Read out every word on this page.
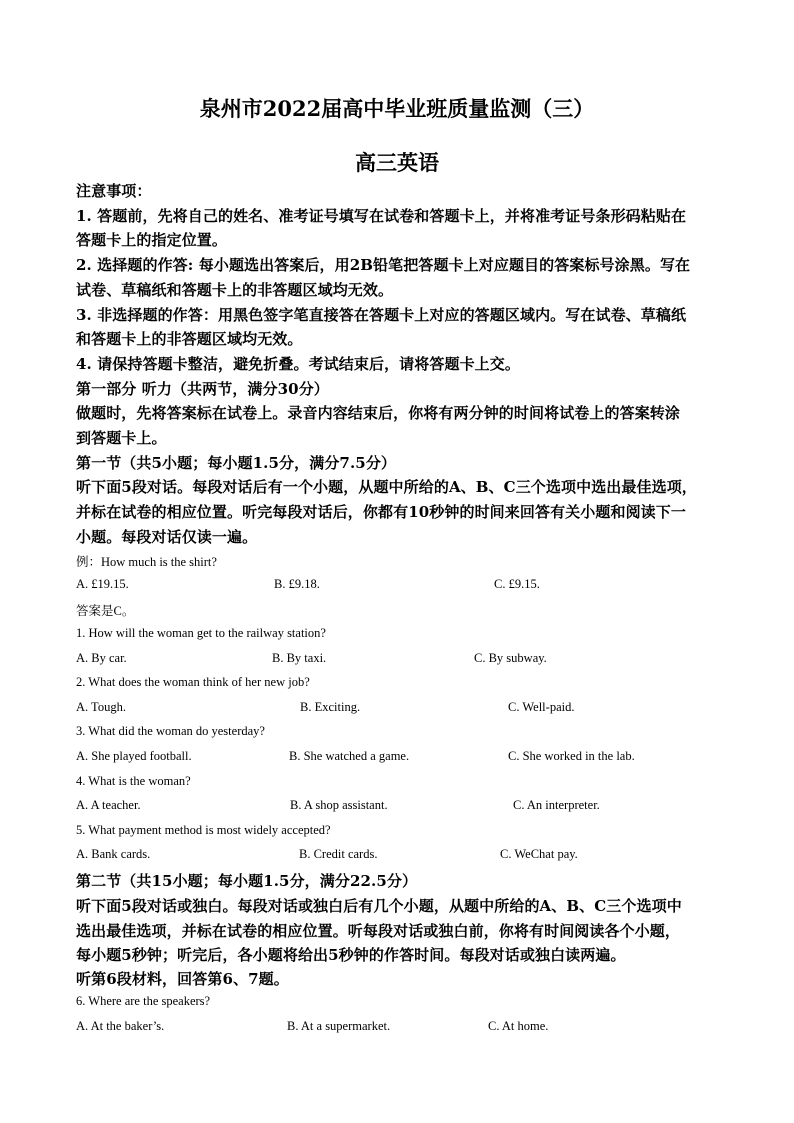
泉州市2022届高中毕业班质量监测（三）
高三英语
注意事项：
1. 答题前，先将自己的姓名、准考证号填写在试卷和答题卡上，并将准考证号条形码粘贴在
答题卡上的指定位置。
2. 选择题的作答: 每小题选出答案后，用2B铅笔把答题卡上对应题目的答案标号涂黑。写在
试卷、草稿纸和答题卡上的非答题区域均无效。
3. 非选择题的作答：用黑色签字笔直接答在答题卡上对应的答题区域内。写在试卷、草稿纸
和答题卡上的非答题区域均无效。
4. 请保持答题卡整洁，避免折叠。考试结束后，请将答题卡上交。
第一部分 听力（共两节，满分30分）
做题时，先将答案标在试卷上。录音内容结束后，你将有两分钟的时间将试卷上的答案转涂
到答题卡上。
第一节（共5小题；每小题1.5分，满分7.5分）
听下面5段对话。每段对话后有一个小题，从题中所给的A、B、C三个选项中选出最佳选项，
并标在试卷的相应位置。听完每段对话后，你都有10秒钟的时间来回答有关小题和阅读下一
小题。每段对话仅读一遍。
例：How much is the shirt?
A. £19.15.	B. £9.18.	C. £9.15.
答案是C。
1. How will the woman get to the railway station?
A. By car.	B. By taxi.	C. By subway.
2. What does the woman think of her new job?
A. Tough.	B. Exciting.	C. Well-paid.
3. What did the woman do yesterday?
A. She played football.	B. She watched a game.	C. She worked in the lab.
4. What is the woman?
A. A teacher.	B. A shop assistant.	C. An interpreter.
5. What payment method is most widely accepted?
A. Bank cards.	B. Credit cards.	C. WeChat pay.
第二节（共15小题；每小题1.5分，满分22.5分）
听下面5段对话或独白。每段对话或独白后有几个小题，从题中所给的A、B、C三个选项中
选出最佳选项，并标在试卷的相应位置。听每段对话或独白前，你将有时间阅读各个小题，
每小题5秒钟；听完后，各小题将给出5秒钟的作答时间。每段对话或独白读两遍。
听第6段材料，回答第6、7题。
6. Where are the speakers?
A. At the baker’s.	B. At a supermarket.	C. At home.
